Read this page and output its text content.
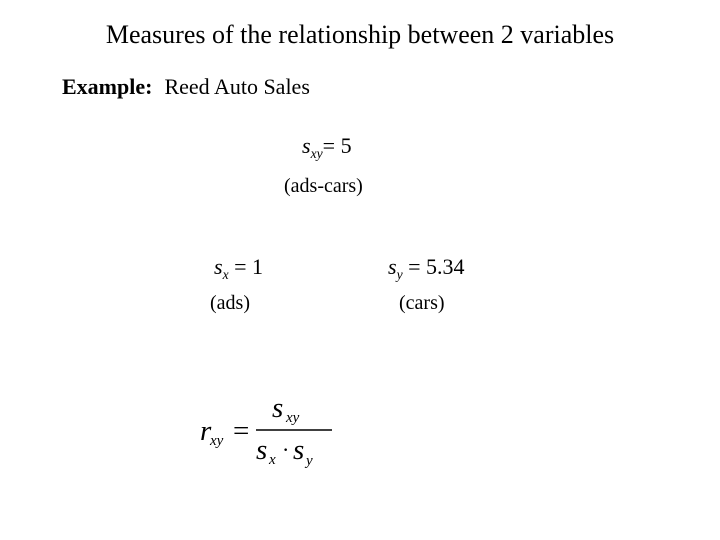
Measures of the relationship between 2 variables
Example: Reed Auto Sales
$s_{xy}= 5$
(ads-cars)
$s_x = 1$
(ads)
$s_y = 5.34$
(cars)
r
xy =
s xy
s x · s y
